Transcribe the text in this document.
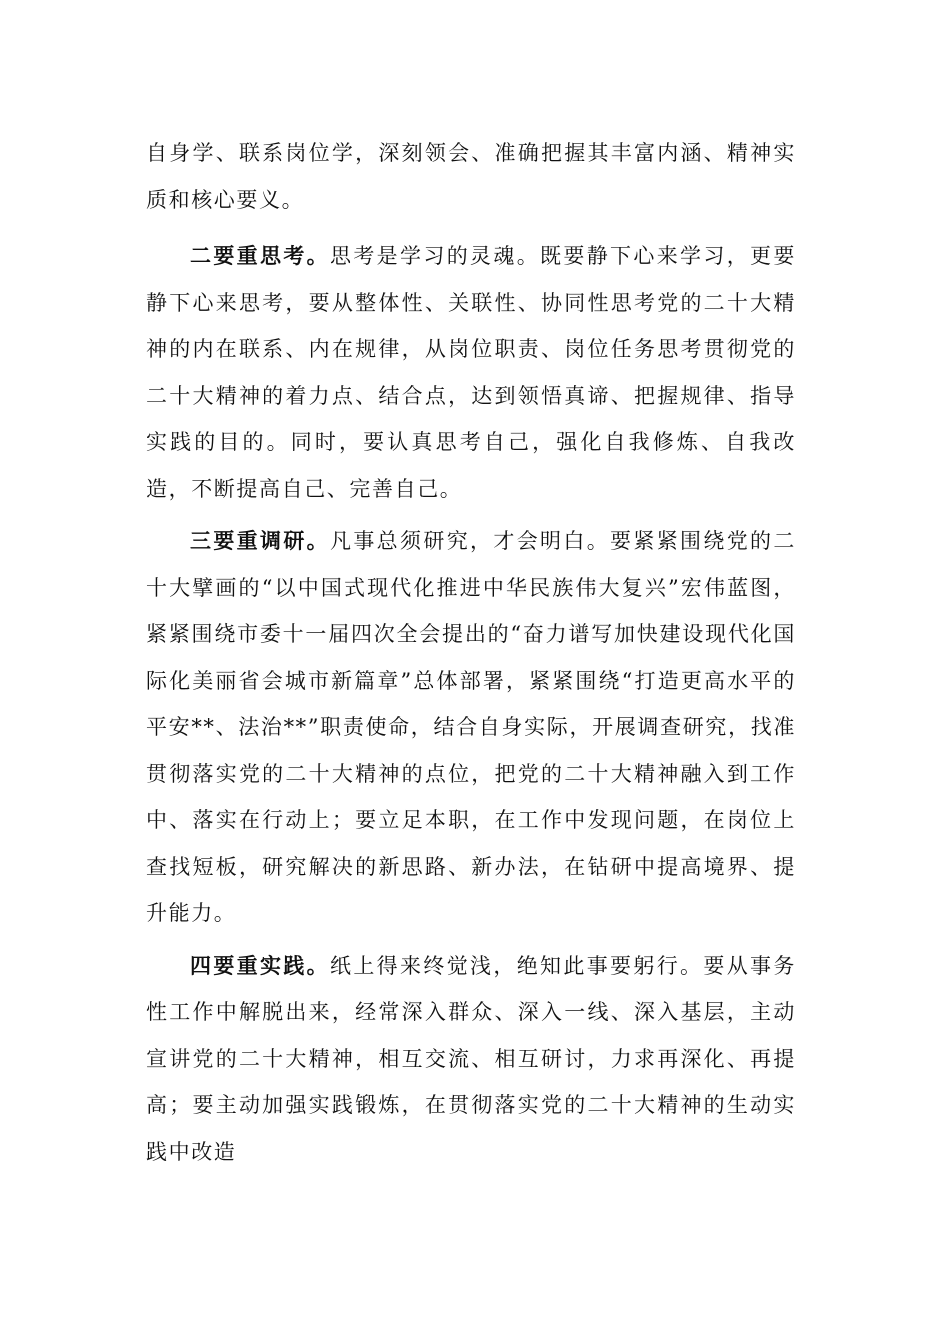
自身学、联系岗位学，深刻领会、准确把握其丰富内涵、精神实质和核心要义。

二要重思考。思考是学习的灵魂。既要静下心来学习，更要静下心来思考，要从整体性、关联性、协同性思考党的二十大精神的内在联系、内在规律，从岗位职责、岗位任务思考贯彻党的二十大精神的着力点、结合点，达到领悟真谛、把握规律、指导实践的目的。同时，要认真思考自己，强化自我修炼、自我改造，不断提高自己、完善自己。

三要重调研。凡事总须研究，才会明白。要紧紧围绕党的二十大擘画的“以中国式现代化推进中华民族伟大复兴”宏伟蓝图，紧紧围绕市委十一届四次全会提出的“奋力谱写加快建设现代化国际化美丽省会城市新篇章”总体部署，紧紧围绕“打造更高水平的平安**、法治**”职责使命，结合自身实际，开展调查研究，找准贯彻落实党的二十大精神的点位，把党的二十大精神融入到工作中、落实在行动上；要立足本职，在工作中发现问题，在岗位上查找短板，研究解决的新思路、新办法，在钻研中提高境界、提升能力。

四要重实践。纸上得来终觉浅，绝知此事要躬行。要从事务性工作中解脱出来，经常深入群众、深入一线、深入基层，主动宣讲党的二十大精神，相互交流、相互研讨，力求再深化、再提高；要主动加强实践锻炼，在贯彻落实党的二十大精神的生动实践中改造
